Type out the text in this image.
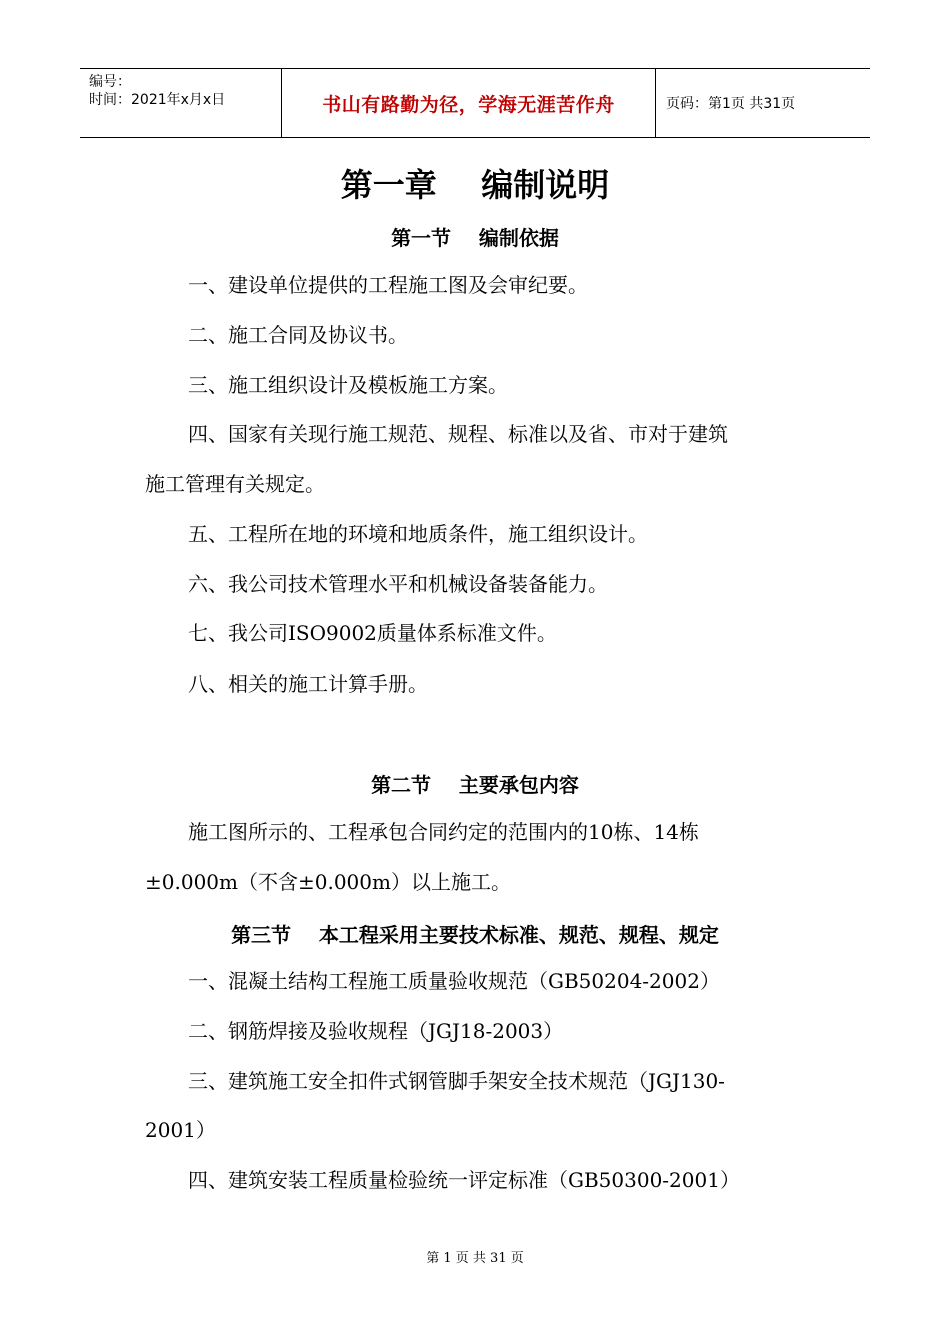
编号：
时间：2021年x月x日	书山有路勤为径，学海无涯苦作舟	页码：第1页 共31页
第一章    编制说明
第一节    编制依据
一、建设单位提供的工程施工图及会审纪要。
二、施工合同及协议书。
三、施工组织设计及模板施工方案。
四、国家有关现行施工规范、规程、标准以及省、市对于建筑
施工管理有关规定。
五、工程所在地的环境和地质条件，施工组织设计。
六、我公司技术管理水平和机械设备装备能力。
七、我公司ISO9002质量体系标准文件。
八、相关的施工计算手册。
第二节    主要承包内容
施工图所示的、工程承包合同约定的范围内的10栋、14栋
±0.000m（不含±0.000m）以上施工。
第三节    本工程采用主要技术标准、规范、规程、规定
一、混凝土结构工程施工质量验收规范（GB50204-2002）
二、钢筋焊接及验收规程（JGJ18-2003）
三、建筑施工安全扣件式钢管脚手架安全技术规范（JGJ130-
2001）
四、建筑安装工程质量检验统一评定标准（GB50300-2001）
第 1 页 共 31 页
